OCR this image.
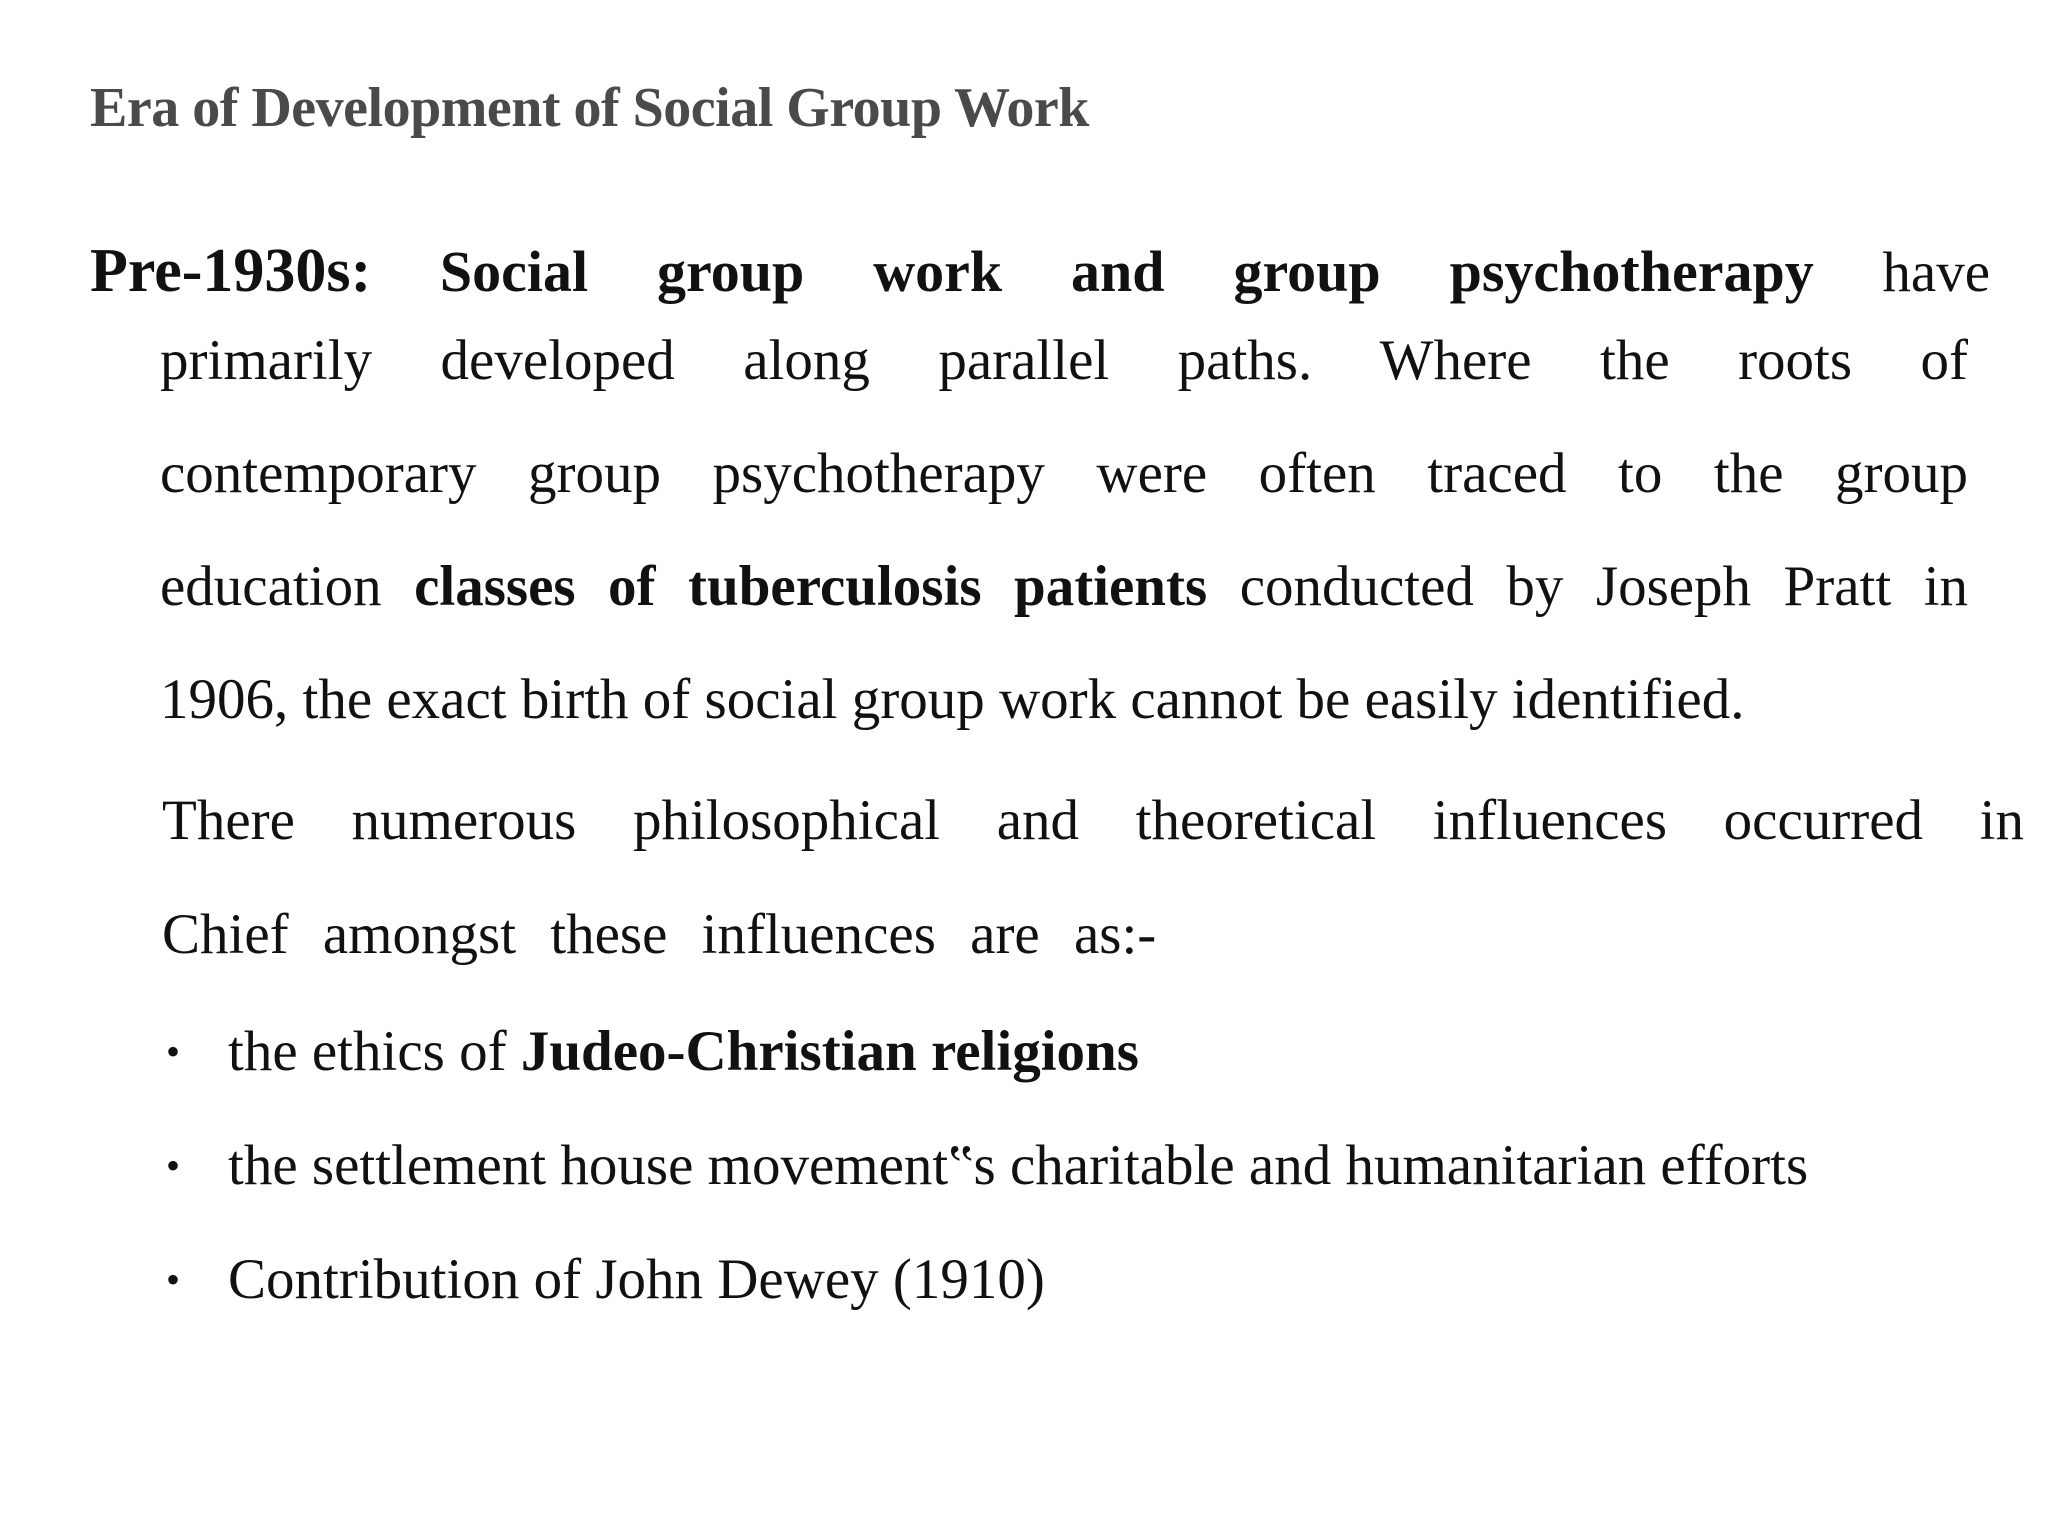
Era of Development of Social Group Work
Pre-1930s: Social group work and group psychotherapy have
primarily developed along parallel paths. Where the roots of
contemporary group psychotherapy were often traced to the group
education classes of tuberculosis patients conducted by Joseph Pratt in
1906, the exact birth of social group work cannot be easily identified.
There numerous philosophical and theoretical influences occurred in
Chief amongst these influences are as:-
• the ethics of Judeo-Christian religions
• the settlement house movement‟s charitable and humanitarian efforts
• Contribution of John Dewey (1910)
